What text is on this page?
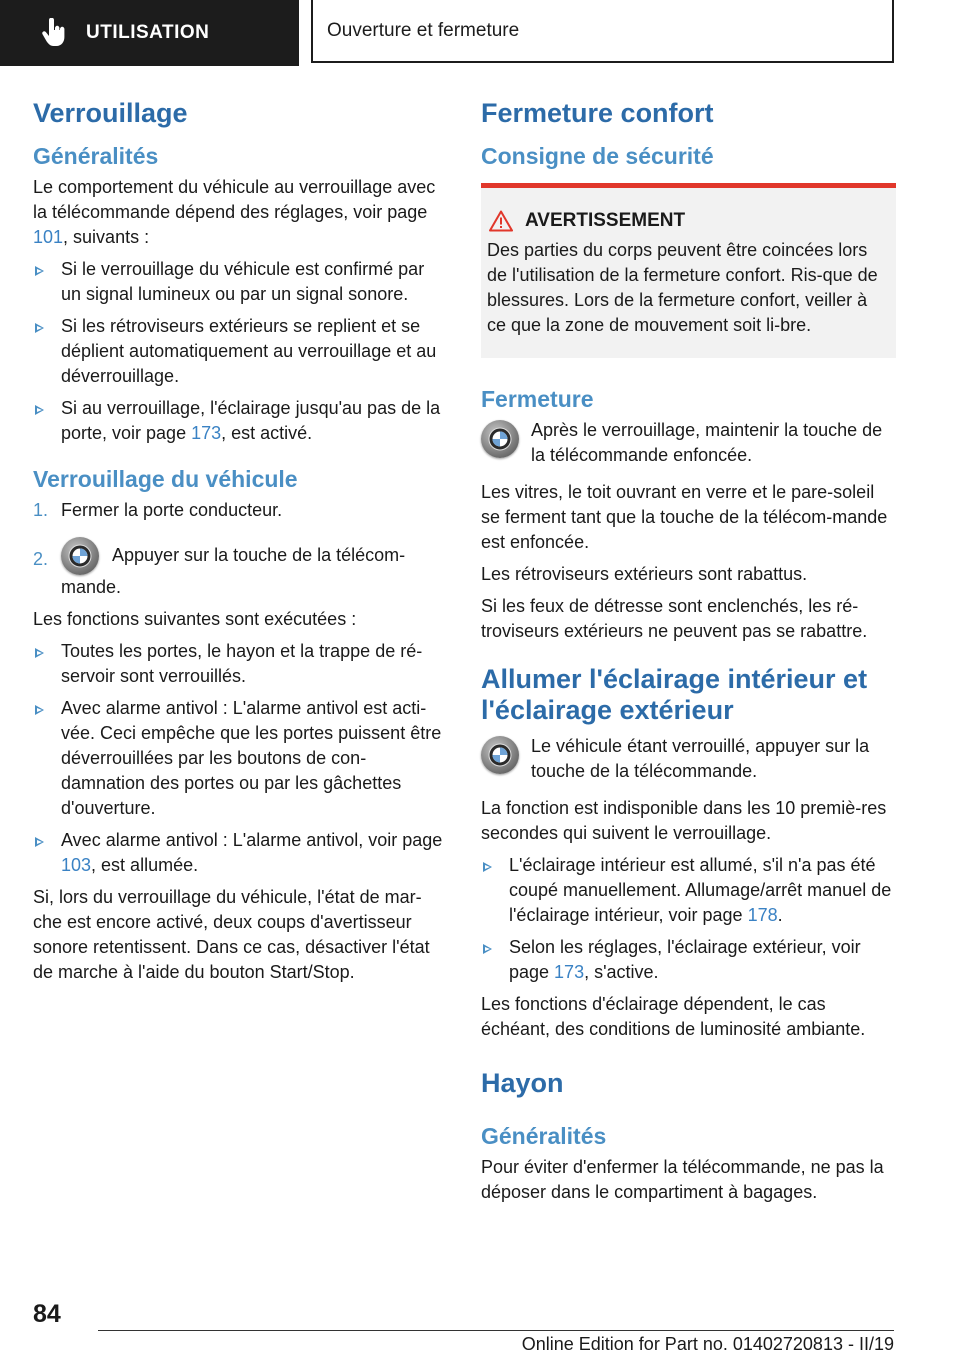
UTILISATION	Ouverture et fermeture
Verrouillage
Généralités

Le comportement du véhicule au verrouillage avec la télécommande dépend des réglages, voir page 101, suivants :

Si le verrouillage du véhicule est confirmé par un signal lumineux ou par un signal sonore.
Si les rétroviseurs extérieurs se replient et se déplient automatiquement au verrouillage et au déverrouillage.
Si au verrouillage, l'éclairage jusqu'au pas de la porte, voir page 173, est activé.
Verrouillage du véhicule
1. Fermer la porte conducteur.
2.	Appuyer sur la touche de la télécom-mande.

Les fonctions suivantes sont exécutées :

Toutes les portes, le hayon et la trappe de ré-servoir sont verrouillés.
Avec alarme antivol : L'alarme antivol est acti-vée. Ceci empêche que les portes puissent être déverrouillées par les boutons de con-damnation des portes ou par les gâchettes d'ouverture.
Avec alarme antivol : L'alarme antivol, voir page 103, est allumée.

Si, lors du verrouillage du véhicule, l'état de mar-che est encore activé, deux coups d'avertisseur sonore retentissent. Dans ce cas, désactiver l'état de marche à l'aide du bouton Start/Stop.

Fermeture confort
Consigne de sécurité
AVERTISSEMENT

Des parties du corps peuvent être coincées lors de l'utilisation de la fermeture confort. Ris-que de blessures. Lors de la fermeture confort, veiller à ce que la zone de mouvement soit li-bre.

Fermeture

Après le verrouillage, maintenir la touche de la télécommande enfoncée.

Les vitres, le toit ouvrant en verre et le pare-soleil se ferment tant que la touche de la télécom-mande est enfoncée.

Les rétroviseurs extérieurs sont rabattus.

Si les feux de détresse sont enclenchés, les ré-troviseurs extérieurs ne peuvent pas se rabattre.

Allumer l'éclairage intérieur et l'éclairage extérieur

Le véhicule étant verrouillé, appuyer sur la touche de la télécommande.

La fonction est indisponible dans les 10 premiè-res secondes qui suivent le verrouillage.

L'éclairage intérieur est allumé, s'il n'a pas été coupé manuellement. Allumage/arrêt manuel de l'éclairage intérieur, voir page 178.
Selon les réglages, l'éclairage extérieur, voir page 173, s'active.

Les fonctions d'éclairage dépendent, le cas échéant, des conditions de luminosité ambiante.

Hayon
Généralités

Pour éviter d'enfermer la télécommande, ne pas la déposer dans le compartiment à bagages.

84
Online Edition for Part no. 01402720813 - II/19
